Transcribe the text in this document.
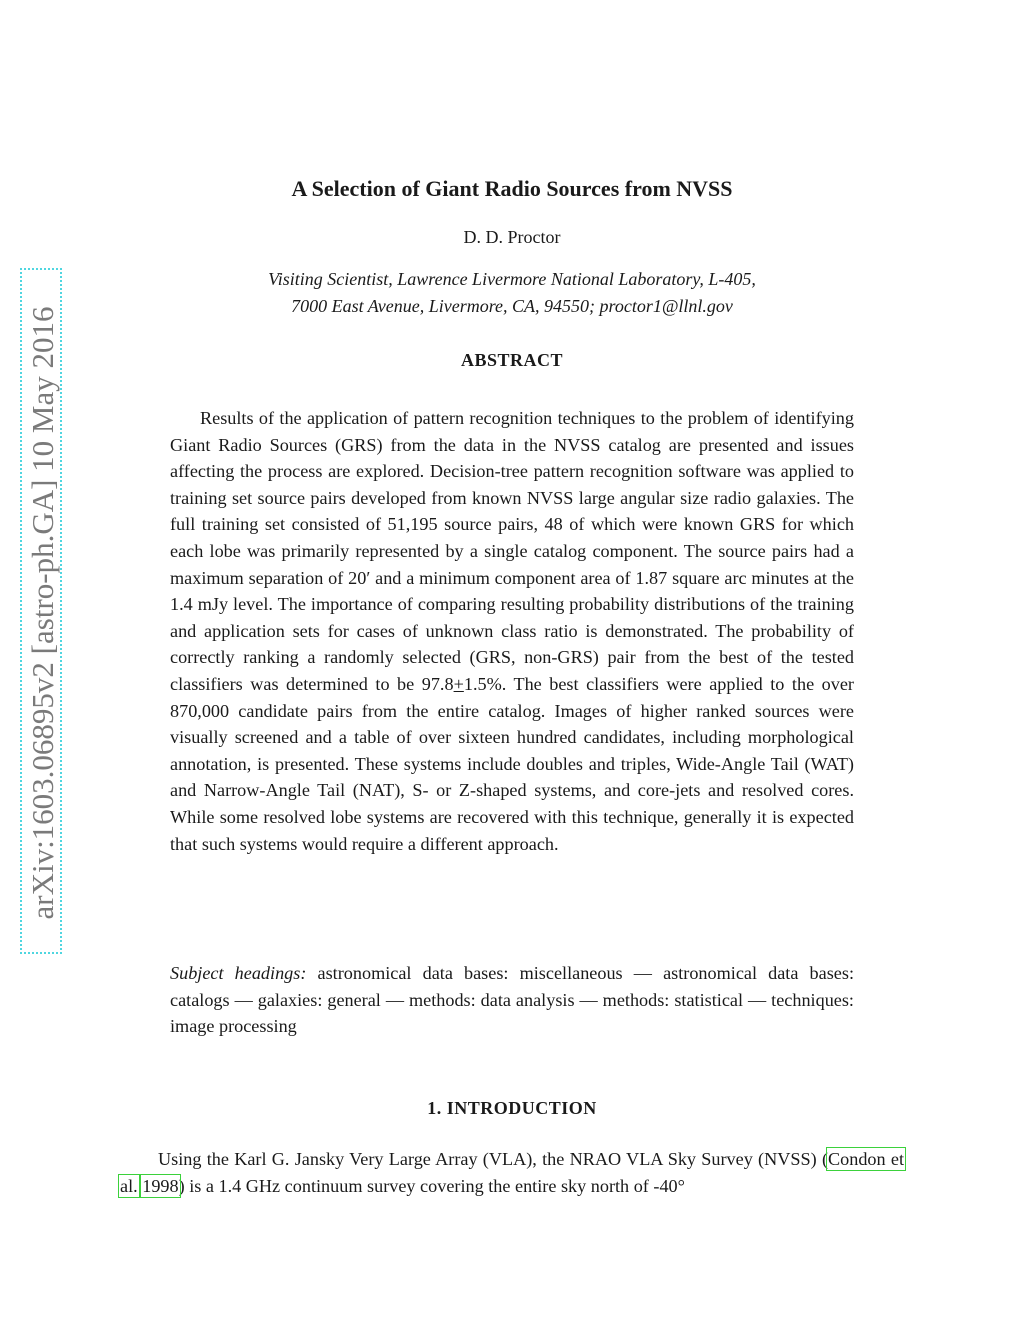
arXiv:1603.06895v2 [astro-ph.GA] 10 May 2016
A Selection of Giant Radio Sources from NVSS
D. D. Proctor
Visiting Scientist, Lawrence Livermore National Laboratory, L-405,
7000 East Avenue, Livermore, CA, 94550; proctor1@llnl.gov
ABSTRACT

Results of the application of pattern recognition techniques to the problem of identifying Giant Radio Sources (GRS) from the data in the NVSS catalog are presented and issues affecting the process are explored. Decision-tree pattern recognition software was applied to training set source pairs developed from known NVSS large angular size radio galaxies. The full training set consisted of 51,195 source pairs, 48 of which were known GRS for which each lobe was primarily represented by a single catalog component. The source pairs had a maximum separation of 20′ and a minimum component area of 1.87 square arc minutes at the 1.4 mJy level. The importance of comparing resulting probability distributions of the training and application sets for cases of unknown class ratio is demonstrated. The probability of correctly ranking a randomly selected (GRS, non-GRS) pair from the best of the tested classifiers was determined to be 97.8+1.5%. The best classifiers were applied to the over 870,000 candidate pairs from the entire catalog. Images of higher ranked sources were visually screened and a table of over sixteen hundred candidates, including morphological annotation, is presented. These systems include doubles and triples, Wide-Angle Tail (WAT) and Narrow-Angle Tail (NAT), S- or Z-shaped systems, and core-jets and resolved cores. While some resolved lobe systems are recovered with this technique, generally it is expected that such systems would require a different approach.

Subject headings: astronomical data bases: miscellaneous — astronomical data bases: catalogs — galaxies: general — methods: data analysis — methods: statistical — techniques: image processing

1. INTRODUCTION

Using the Karl G. Jansky Very Large Array (VLA), the NRAO VLA Sky Survey (NVSS) (Condon et al. 1998) is a 1.4 GHz continuum survey covering the entire sky north of -40°
